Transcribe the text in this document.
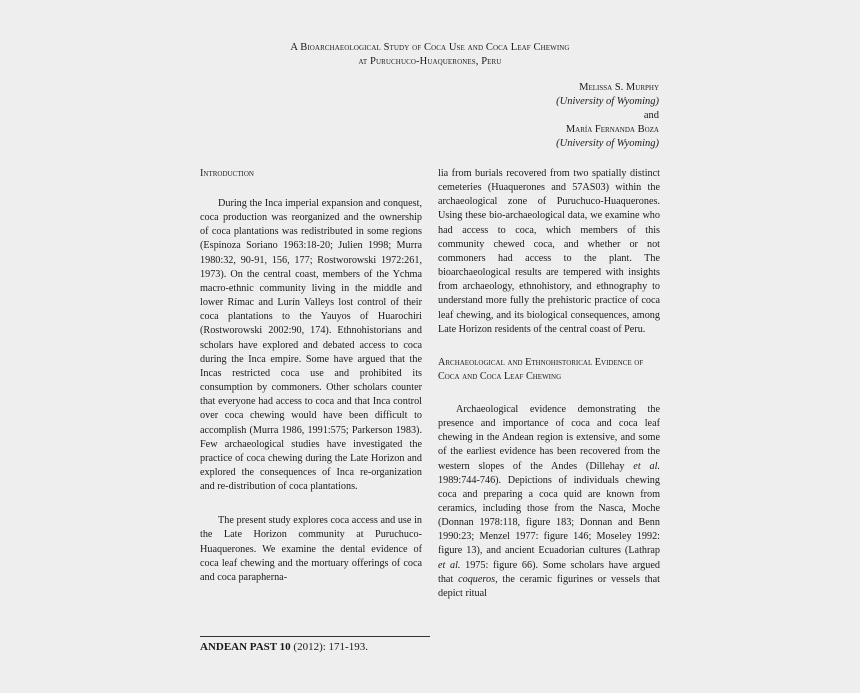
A Bioarchaeological Study of Coca Use and Coca Leaf Chewing
at Puruchuco-Huaquerones, Peru
Melissa S. Murphy
(University of Wyoming)
and
María Fernanda Boza
(University of Wyoming)
Introduction

During the Inca imperial expansion and conquest, coca production was reorganized and the ownership of coca plantations was redistributed in some regions (Espinoza Soriano 1963:18-20; Julien 1998; Murra 1980:32, 90-91, 156, 177; Rostworowski 1972:261, 1973). On the central coast, members of the Ychma macro-ethnic community living in the middle and lower Rímac and Lurín Valleys lost control of their coca plantations to the Yauyos of Huarochiri (Rostworowski 2002:90, 174). Ethnohistorians and scholars have explored and debated access to coca during the Inca empire. Some have argued that the Incas restricted coca use and prohibited its consumption by commoners. Other scholars counter that everyone had access to coca and that Inca control over coca chewing would have been difficult to accomplish (Murra 1986, 1991:575; Parkerson 1983). Few archaeological studies have investigated the practice of coca chewing during the Late Horizon and explored the consequences of Inca re-organization and re-distribution of coca plantations.

The present study explores coca access and use in the Late Horizon community at Puruchuco-Huaquerones. We examine the dental evidence of coca leaf chewing and the mortuary offerings of coca and coca parapherna-

lia from burials recovered from two spatially distinct cemeteries (Huaquerones and 57AS03) within the archaeological zone of Puruchuco-Huaquerones. Using these bio-archaeological data, we examine who had access to coca, which members of this community chewed coca, and whether or not commoners had access to the plant. The bioarchaeological results are tempered with insights from archaeology, ethnohistory, and ethnography to understand more fully the prehistoric practice of coca leaf chewing, and its biological consequences, among Late Horizon residents of the central coast of Peru.

Archaeological and Ethnohistorical Evidence of Coca and Coca Leaf Chewing

Archaeological evidence demonstrating the presence and importance of coca and coca leaf chewing in the Andean region is extensive, and some of the earliest evidence has been recovered from the western slopes of the Andes (Dillehay et al. 1989:744-746). Depictions of individuals chewing coca and preparing a coca quid are known from ceramics, including those from the Nasca, Moche (Donnan 1978:118, figure 183; Donnan and Benn 1990:23; Menzel 1977: figure 146; Moseley 1992: figure 13), and ancient Ecuadorian cultures (Lathrap et al. 1975: figure 66). Some scholars have argued that coqueros, the ceramic figurines or vessels that depict ritual

ANDEAN PAST 10 (2012): 171-193.
